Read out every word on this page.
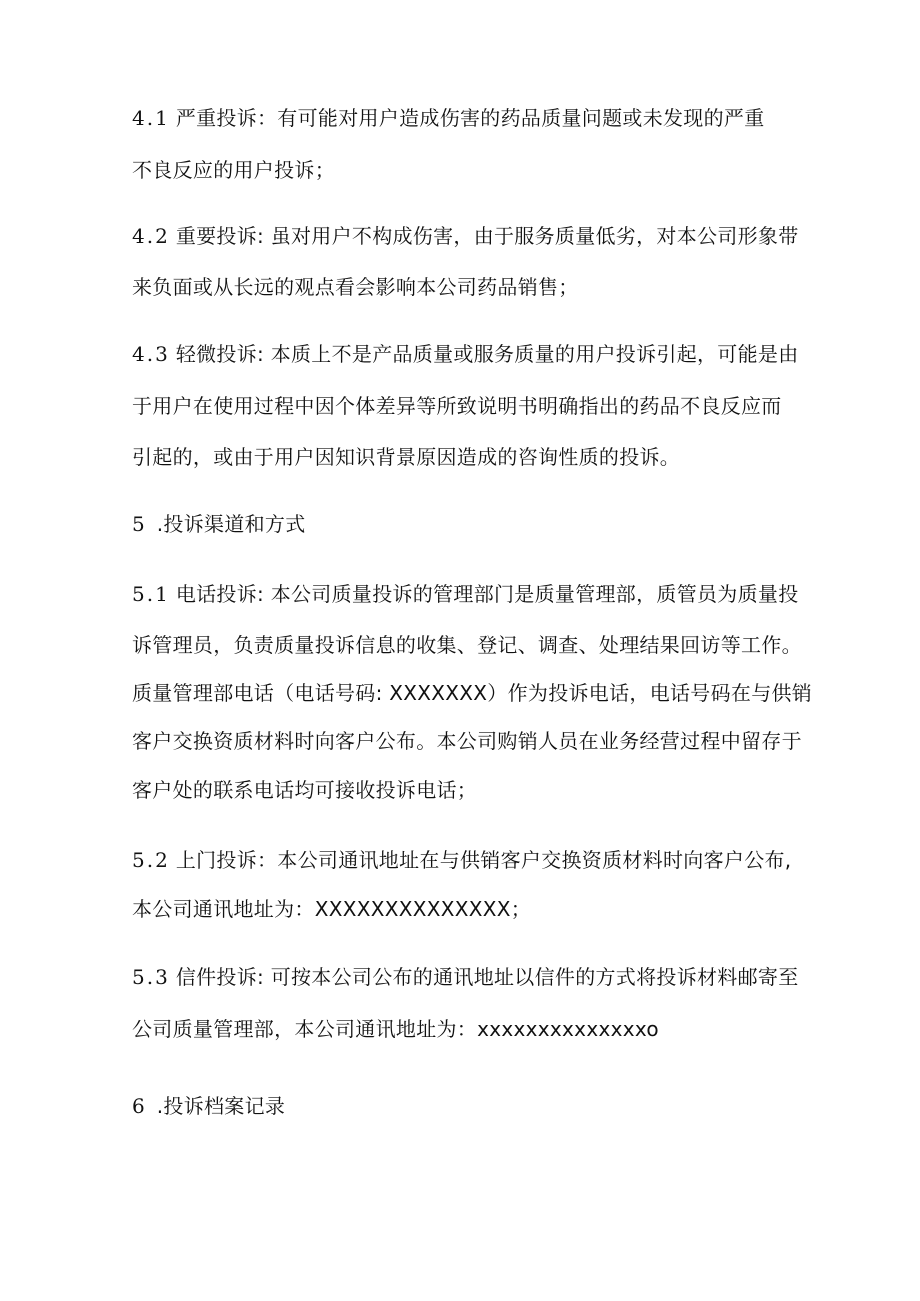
4.1 严重投诉：有可能对用户造成伤害的药品质量问题或未发现的严重
不良反应的用户投诉；
4.2 重要投诉: 虽对用户不构成伤害，由于服务质量低劣，对本公司形象带
来负面或从长远的观点看会影响本公司药品销售；
4.3 轻微投诉: 本质上不是产品质量或服务质量的用户投诉引起，可能是由
于用户在使用过程中因个体差异等所致说明书明确指出的药品不良反应而
引起的，或由于用户因知识背景原因造成的咨询性质的投诉。
5 .投诉渠道和方式
5.1 电话投诉: 本公司质量投诉的管理部门是质量管理部，质管员为质量投
诉管理员，负责质量投诉信息的收集、登记、调查、处理结果回访等工作。
质量管理部电话（电话号码: XXXXXXX）作为投诉电话，电话号码在与供销
客户交换资质材料时向客户公布。本公司购销人员在业务经营过程中留存于
客户处的联系电话均可接收投诉电话；
5.2 上门投诉：本公司通讯地址在与供销客户交换资质材料时向客户公布,
本公司通讯地址为：XXXXXXXXXXXXXX；
5.3 信件投诉: 可按本公司公布的通讯地址以信件的方式将投诉材料邮寄至
公司质量管理部，本公司通讯地址为：xxxxxxxxxxxxxxo
6 .投诉档案记录
